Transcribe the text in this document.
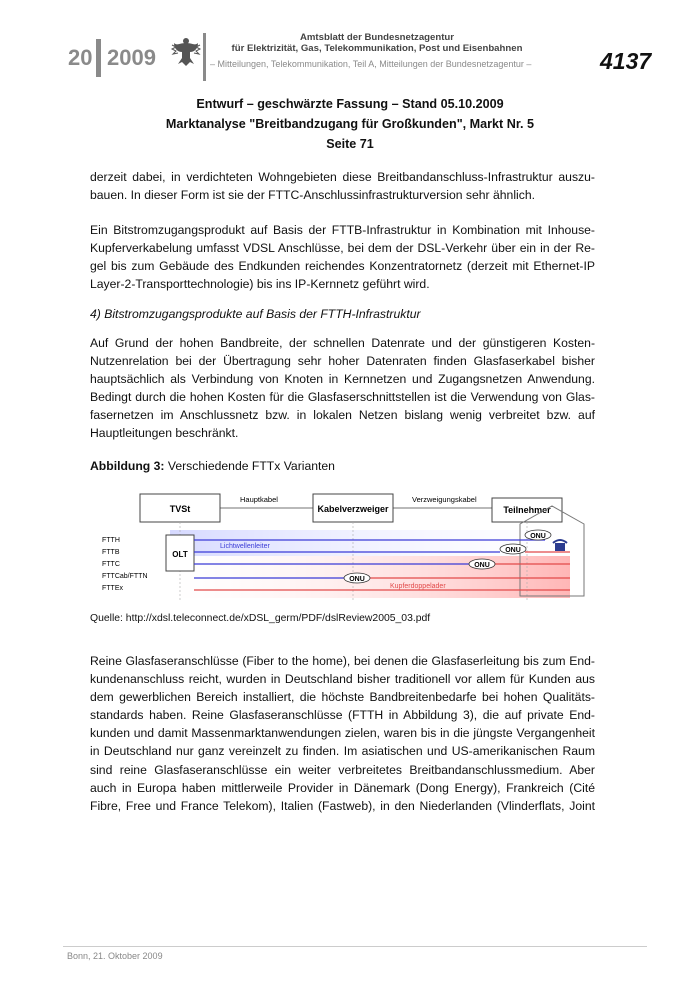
20 2009
Amtsblatt der Bundesnetzagentur
für Elektrizität, Gas, Telekommunikation, Post und Eisenbahnen
– Mitteilungen, Telekommunikation, Teil A, Mitteilungen der Bundesnetzagentur –	4137
Entwurf – geschwärzte Fassung – Stand 05.10.2009
Marktanalyse "Breitbandzugang für Großkunden", Markt Nr. 5
Seite 71
derzeit dabei, in verdichteten Wohngebieten diese Breitbandanschluss-Infrastruktur auszu-
bauen. In dieser Form ist sie der FTTC-Anschlussinfrastrukturversion sehr ähnlich.
Ein Bitstromzugangsprodukt auf Basis der FTTB-Infrastruktur in Kombination mit Inhouse-
Kupferverkabelung umfasst VDSL Anschlüsse, bei dem der DSL-Verkehr über ein in der Re-
gel bis zum Gebäude des Endkunden reichendes Konzentratornetz (derzeit mit Ethernet-IP
Layer-2-Transporttechnologie) bis ins IP-Kernnetz geführt wird.
4) Bitstromzugangsprodukte auf Basis der FTTH-Infrastruktur
Auf Grund der hohen Bandbreite, der schnellen Datenrate und der günstigeren Kosten-
Nutzenrelation bei der Übertragung sehr hoher Datenraten finden Glasfaserkabel bisher
hauptsächlich als Verbindung von Knoten in Kernnetzen und Zugangsnetzen Anwendung.
Bedingt durch die hohen Kosten für die Glasfaserschnittstellen ist die Verwendung von Glas-
fasernetzen im Anschlussnetz bzw. in lokalen Netzen bislang wenig verbreitet bzw. auf
Hauptleitungen beschränkt.
Abbildung 3: Verschiedende FTTx Varianten
TVSt	Kabelverzweiger	Teilnehmer
Hauptkabel	Verzweigungskabel
OLT
FTTH
FTTB
FTTC
FTTCab/FTTN
FTTEx
Lichtwellenleiter
Kupferdoppelader
ONU
ONU
ONU
ONU
Quelle: http://xdsl.teleconnect.de/xDSL_germ/PDF/dslReview2005_03.pdf
Reine Glasfaseranschlüsse (Fiber to the home), bei denen die Glasfaserleitung bis zum End-
kundenanschluss reicht, wurden in Deutschland bisher traditionell vor allem für Kunden aus
dem gewerblichen Bereich installiert, die höchste Bandbreitenbedarfe bei hohen Qualitäts-
standards haben. Reine Glasfaseranschlüsse (FTTH in Abbildung 3), die auf private End-
kunden und damit Massenmarktanwendungen zielen, waren bis in die jüngste Vergangenheit
in Deutschland nur ganz vereinzelt zu finden. Im asiatischen und US-amerikanischen Raum
sind reine Glasfaseranschlüsse ein weiter verbreitetes Breitbandanschlussmedium. Aber
auch in Europa haben mittlerweile Provider in Dänemark (Dong Energy), Frankreich (Cité
Fibre, Free und France Telekom), Italien (Fastweb), in den Niederlanden (Vlinderflats, Joint
Bonn, 21. Oktober 2009
